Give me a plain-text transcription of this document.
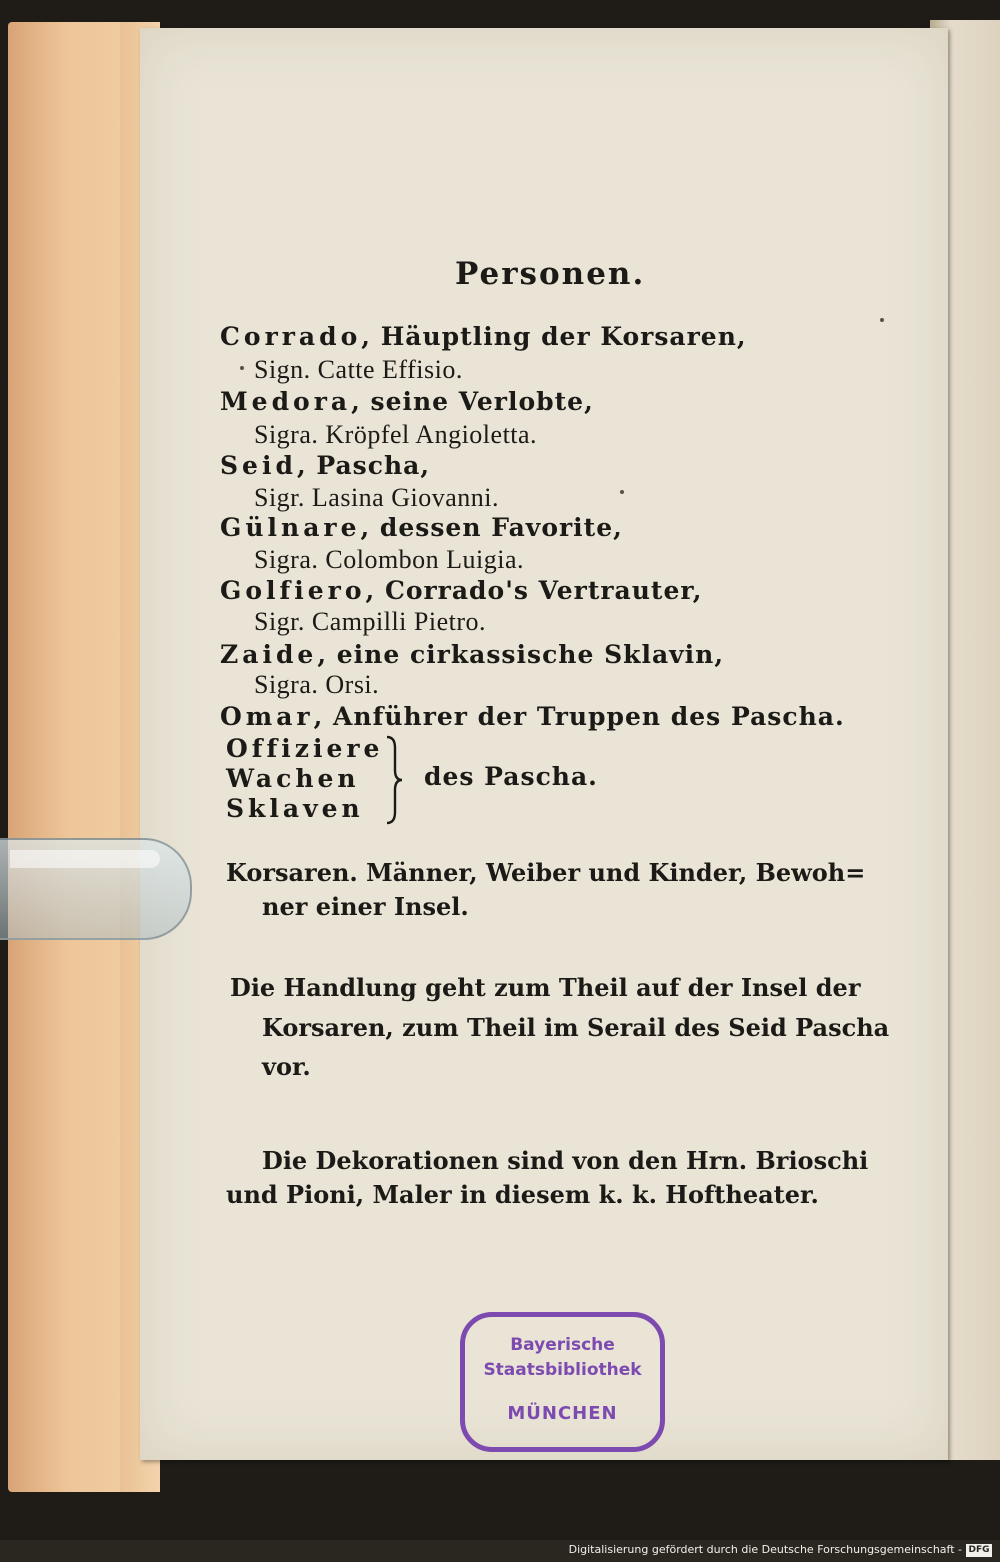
Personen.
Corrado, Häuptling der Korsaren,
Sign. Catte Effisio.
Medora, seine Verlobte,
Sigra. Kröpfel Angioletta.
Seid, Pascha,
Sigr. Lasina Giovanni.
Gülnare, dessen Favorite,
Sigra. Colombon Luigia.
Golfiero, Corrado's Vertrauter,
Sigr. Campilli Pietro.
Zaide, eine cirkassische Sklavin,
Sigra. Orsi.
Omar, Anführer der Truppen des Pascha.
Offiziere
Wachen
Sklaven
des Pascha.
Korsaren. Männer, Weiber und Kinder, Bewoh=
ner einer Insel.
Die Handlung geht zum Theil auf der Insel der
Korsaren, zum Theil im Serail des Seid Pascha
vor.
Die Dekorationen sind von den Hrn. Brioschi
und Pioni, Maler in diesem k. k. Hoftheater.
Bayerische
Staatsbibliothek
MÜNCHEN
Digitalisierung gefördert durch die Deutsche Forschungsgemeinschaft - DFG
